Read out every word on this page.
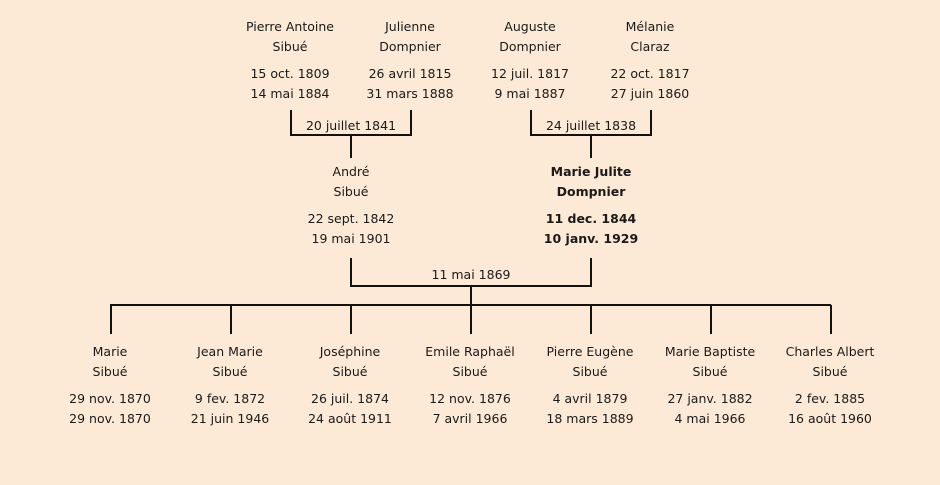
Pierre Antoine
Sibué
15 oct. 1809
14 mai 1884
Julienne
Dompnier
26 avril 1815
31 mars 1888
Auguste
Dompnier
12 juil. 1817
9 mai 1887
Mélanie
Claraz
22 oct. 1817
27 juin 1860
20 juillet 1841	24 juillet 1838
André
Sibué
22 sept. 1842
19 mai 1901
Marie Julite
Dompnier
11 dec. 1844
10 janv. 1929
11 mai 1869
Marie
Sibué
29 nov. 1870
29 nov. 1870
Jean Marie
Sibué
9 fev. 1872
21 juin 1946
Joséphine
Sibué
26 juil. 1874
24 août 1911
Emile Raphaël
Sibué
12 nov. 1876
7 avril 1966
Pierre Eugène
Sibué
4 avril 1879
18 mars 1889
Marie Baptiste
Sibué
27 janv. 1882
4 mai 1966
Charles Albert
Sibué
2 fev. 1885
16 août 1960
